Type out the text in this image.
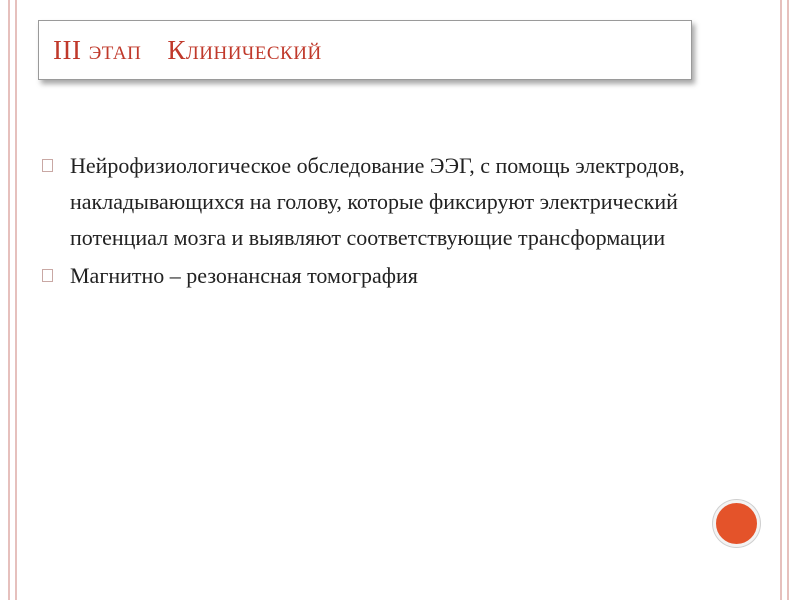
III этап Клинический
Нейрофизиологическое обследование ЭЭГ, с помощь электродов, накладывающихся на голову, которые фиксируют электрический потенциал мозга и выявляют соответствующие трансформации
Магнитно – резонансная томография
